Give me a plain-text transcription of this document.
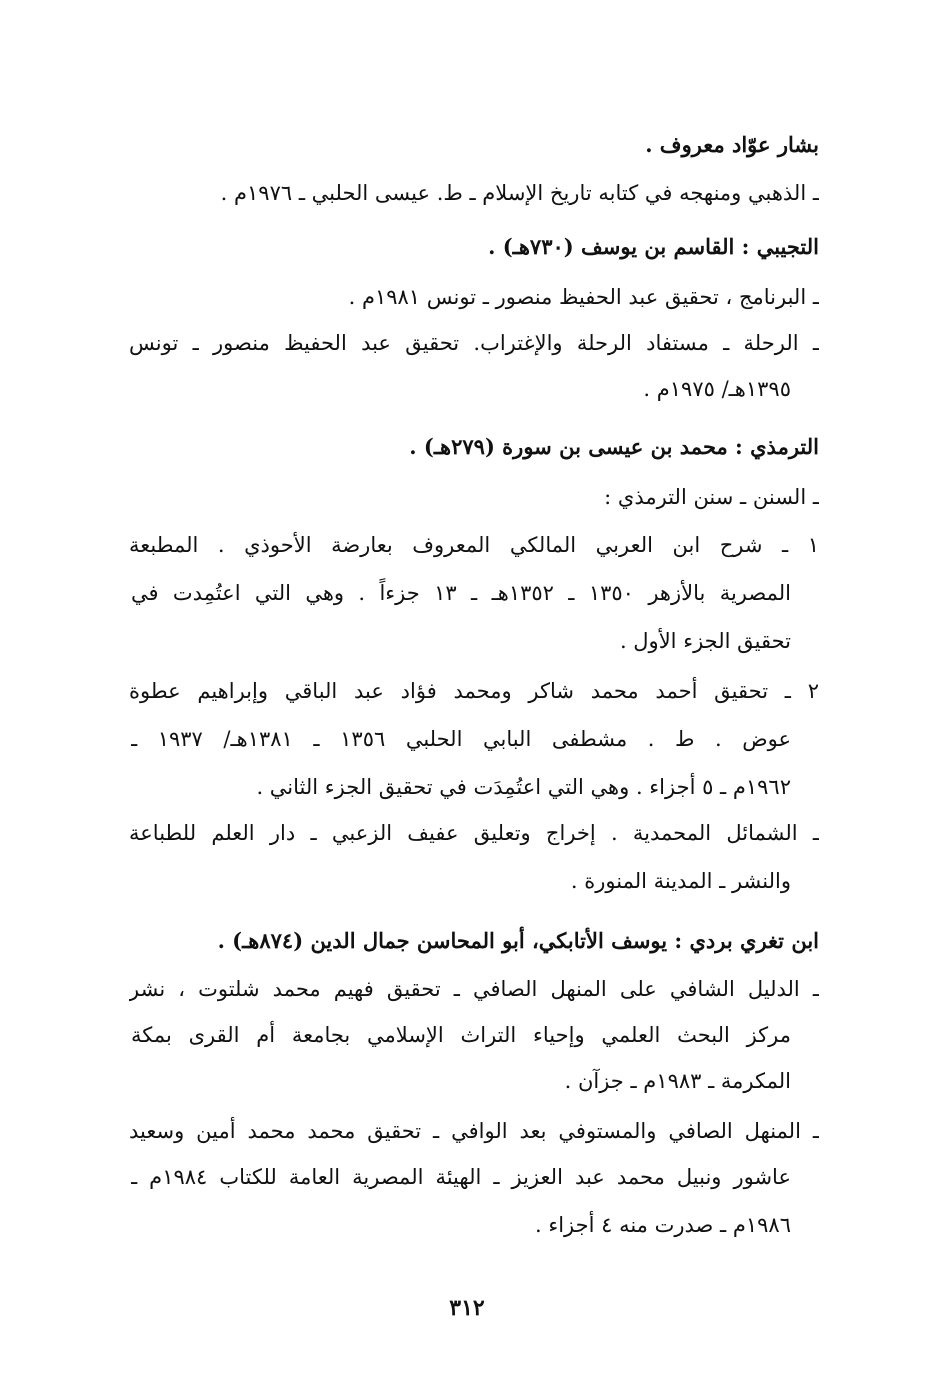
بشار عوّاد معروف .
ـ الذهبي ومنهجه في كتابه تاريخ الإسلام ـ ط. عيسى الحلبي ـ ١٩٧٦م .
التجيبي : القاسم بن يوسف (٧٣٠هـ) .
ـ البرنامج ، تحقيق عبد الحفيظ منصور ـ تونس ١٩٨١م .
ـ الرحلة ـ مستفاد الرحلة والإغتراب. تحقيق عبد الحفيظ منصور ـ تونس
١٣٩٥هـ/ ١٩٧٥م .
الترمذي : محمد بن عيسى بن سورة (٢٧٩هـ) .
ـ السنن ـ سنن الترمذي :
١ ـ شرح ابن العربي المالكي المعروف بعارضة الأحوذي . المطبعة
المصرية بالأزهر ١٣٥٠ ـ ١٣٥٢هـ ـ ١٣ جزءاً . وهي التي اعتُمِدت في
تحقيق الجزء الأول .
٢ ـ تحقيق أحمد محمد شاكر ومحمد فؤاد عبد الباقي وإبراهيم عطوة
عوض . ط . مشطفى البابي الحلبي ١٣٥٦ ـ ١٣٨١هـ/ ١٩٣٧ ـ
١٩٦٢م ـ ٥ أجزاء . وهي التي اعتُمِدَت في تحقيق الجزء الثاني .
ـ الشمائل المحمدية . إخراج وتعليق عفيف الزعبي ـ دار العلم للطباعة
والنشر ـ المدينة المنورة .
ابن تغري بردي : يوسف الأتابكي، أبو المحاسن جمال الدين (٨٧٤هـ) .
ـ الدليل الشافي على المنهل الصافي ـ تحقيق فهيم محمد شلتوت ، نشر
مركز البحث العلمي وإحياء التراث الإسلامي بجامعة أم القرى بمكة
المكرمة ـ ١٩٨٣م ـ جزآن .
ـ المنهل الصافي والمستوفي بعد الوافي ـ تحقيق محمد محمد أمين وسعيد
عاشور ونبيل محمد عبد العزيز ـ الهيئة المصرية العامة للكتاب ١٩٨٤م ـ
١٩٨٦م ـ صدرت منه ٤ أجزاء .
٣١٢
